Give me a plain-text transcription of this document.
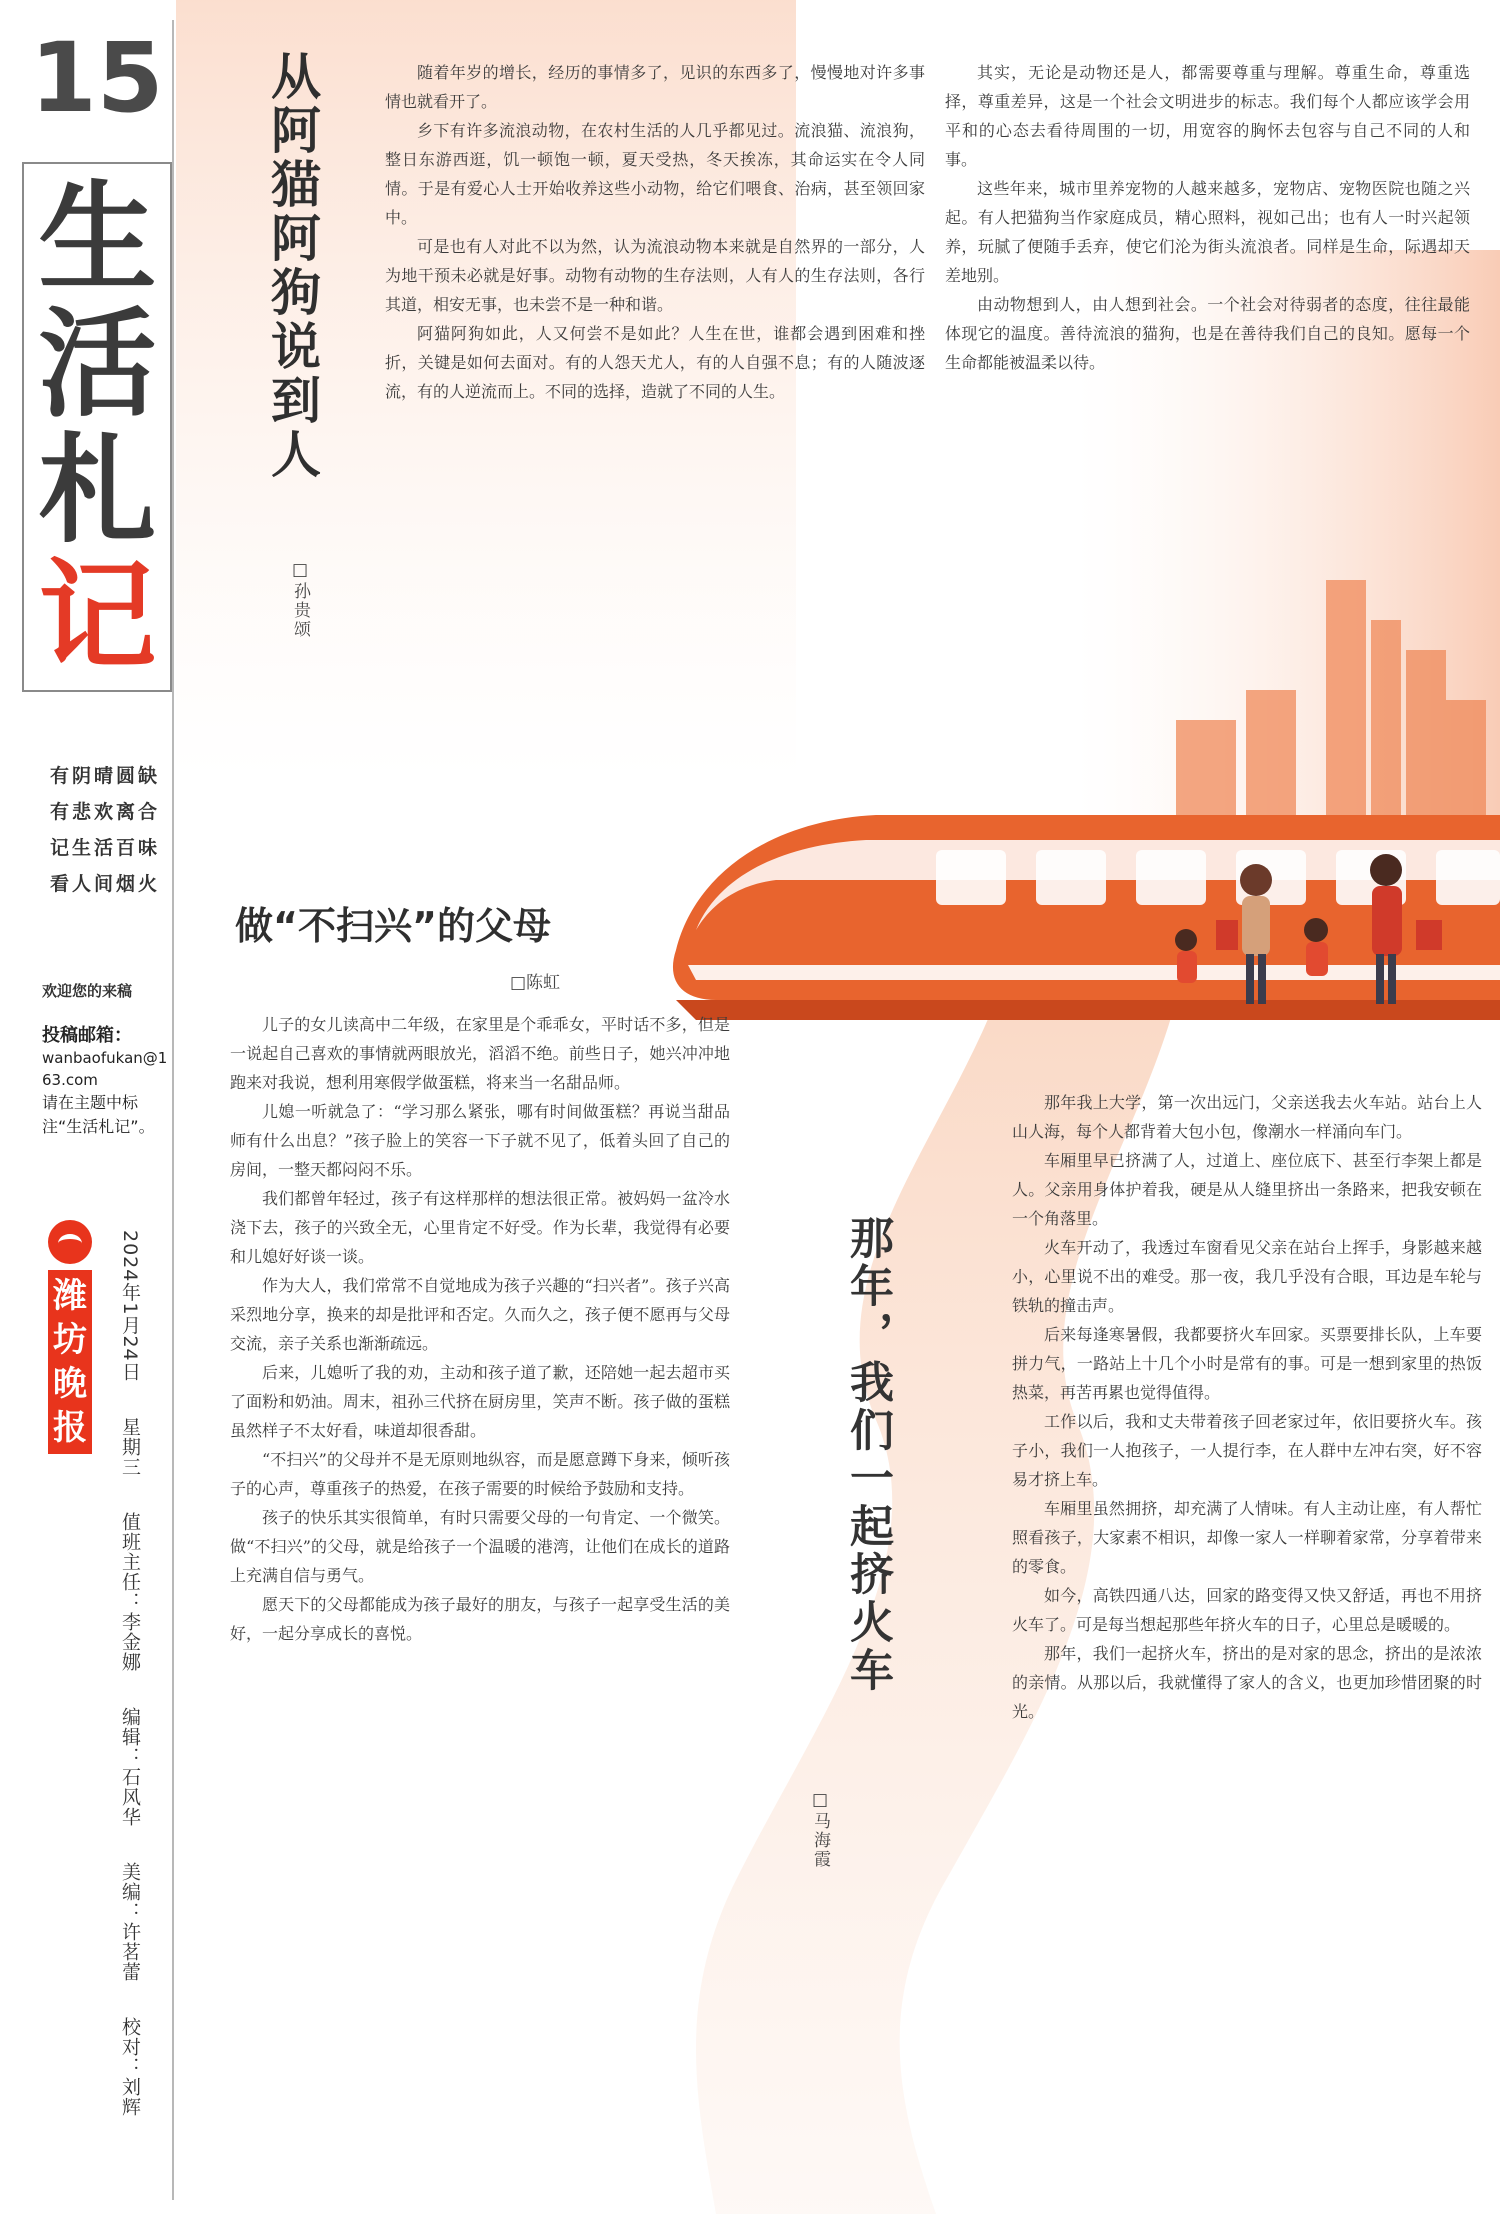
15
生
活
札
记
有阴晴圆缺
有悲欢离合
记生活百味
看人间烟火
欢迎您的来稿
投稿邮箱：
wanbaofukan@163.com
请在主题中标注“生活札记”。
潍坊晚报
2024年1月24日 星期三 值班主任：李金娜 编辑：石风华 美编：许茗蕾 校对：刘辉
从阿猫阿狗说到人
□孙贵颂

随着年岁的增长，经历的事情多了，见识的东西多了，慢慢地对许多事情也就看开了。

乡下有许多流浪动物，在农村生活的人几乎都见过。流浪猫、流浪狗，整日东游西逛，饥一顿饱一顿，夏天受热，冬天挨冻，其命运实在令人同情。于是有爱心人士开始收养这些小动物，给它们喂食、治病，甚至领回家中。

可是也有人对此不以为然，认为流浪动物本来就是自然界的一部分，人为地干预未必就是好事。动物有动物的生存法则，人有人的生存法则，各行其道，相安无事，也未尝不是一种和谐。

阿猫阿狗如此，人又何尝不是如此？人生在世，谁都会遇到困难和挫折，关键是如何去面对。有的人怨天尤人，有的人自强不息；有的人随波逐流，有的人逆流而上。不同的选择，造就了不同的人生。

其实，无论是动物还是人，都需要尊重与理解。尊重生命，尊重选择，尊重差异，这是一个社会文明进步的标志。我们每个人都应该学会用平和的心态去看待周围的一切，用宽容的胸怀去包容与自己不同的人和事。

这些年来，城市里养宠物的人越来越多，宠物店、宠物医院也随之兴起。有人把猫狗当作家庭成员，精心照料，视如己出；也有人一时兴起领养，玩腻了便随手丢弃，使它们沦为街头流浪者。同样是生命，际遇却天差地别。

由动物想到人，由人想到社会。一个社会对待弱者的态度，往往最能体现它的温度。善待流浪的猫狗，也是在善待我们自己的良知。愿每一个生命都能被温柔以待。

做“不扫兴”的父母
□陈虹

儿子的女儿读高中二年级，在家里是个乖乖女，平时话不多，但是一说起自己喜欢的事情就两眼放光，滔滔不绝。前些日子，她兴冲冲地跑来对我说，想利用寒假学做蛋糕，将来当一名甜品师。

儿媳一听就急了：“学习那么紧张，哪有时间做蛋糕？再说当甜品师有什么出息？”孩子脸上的笑容一下子就不见了，低着头回了自己的房间，一整天都闷闷不乐。

我们都曾年轻过，孩子有这样那样的想法很正常。被妈妈一盆冷水浇下去，孩子的兴致全无，心里肯定不好受。作为长辈，我觉得有必要和儿媳好好谈一谈。

作为大人，我们常常不自觉地成为孩子兴趣的“扫兴者”。孩子兴高采烈地分享，换来的却是批评和否定。久而久之，孩子便不愿再与父母交流，亲子关系也渐渐疏远。

后来，儿媳听了我的劝，主动和孩子道了歉，还陪她一起去超市买了面粉和奶油。周末，祖孙三代挤在厨房里，笑声不断。孩子做的蛋糕虽然样子不太好看，味道却很香甜。

“不扫兴”的父母并不是无原则地纵容，而是愿意蹲下身来，倾听孩子的心声，尊重孩子的热爱，在孩子需要的时候给予鼓励和支持。

孩子的快乐其实很简单，有时只需要父母的一句肯定、一个微笑。做“不扫兴”的父母，就是给孩子一个温暖的港湾，让他们在成长的道路上充满自信与勇气。

愿天下的父母都能成为孩子最好的朋友，与孩子一起享受生活的美好，一起分享成长的喜悦。	那年，我们一起挤火车
□马海霞

那年我上大学，第一次出远门，父亲送我去火车站。站台上人山人海，每个人都背着大包小包，像潮水一样涌向车门。

车厢里早已挤满了人，过道上、座位底下、甚至行李架上都是人。父亲用身体护着我，硬是从人缝里挤出一条路来，把我安顿在一个角落里。

火车开动了，我透过车窗看见父亲在站台上挥手，身影越来越小，心里说不出的难受。那一夜，我几乎没有合眼，耳边是车轮与铁轨的撞击声。

后来每逢寒暑假，我都要挤火车回家。买票要排长队，上车要拼力气，一路站上十几个小时是常有的事。可是一想到家里的热饭热菜，再苦再累也觉得值得。

工作以后，我和丈夫带着孩子回老家过年，依旧要挤火车。孩子小，我们一人抱孩子，一人提行李，在人群中左冲右突，好不容易才挤上车。

车厢里虽然拥挤，却充满了人情味。有人主动让座，有人帮忙照看孩子，大家素不相识，却像一家人一样聊着家常，分享着带来的零食。

如今，高铁四通八达，回家的路变得又快又舒适，再也不用挤火车了。可是每当想起那些年挤火车的日子，心里总是暖暖的。

那年，我们一起挤火车，挤出的是对家的思念，挤出的是浓浓的亲情。从那以后，我就懂得了家人的含义，也更加珍惜团聚的时光。
